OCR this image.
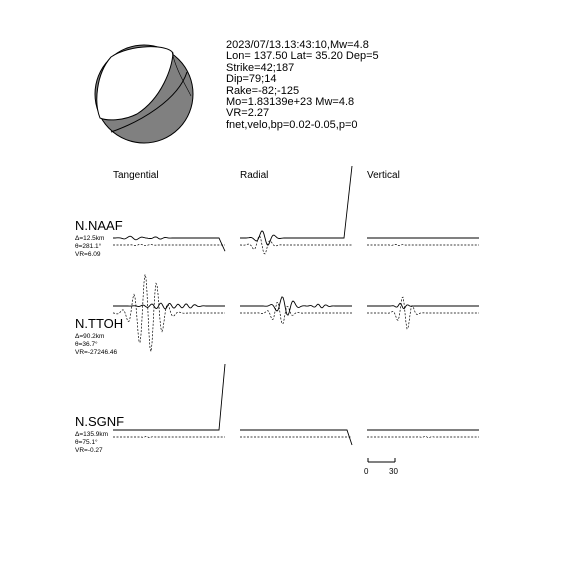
2023/07/13.13:43:10,Mw=4.8
Lon= 137.50 Lat= 35.20 Dep=5
Strike=42;187
Dip=79;14
Rake=-82;-125
Mo=1.83139e+23 Mw=4.8
VR=2.27
fnet,velo,bp=0.02-0.05,p=0
Tangential	Radial	Vertical
N.NAAF
Δ=12.5km
θ=281.1°
VR=6.09
N.TTOH
Δ=90.2km
θ=36.7°
VR=-27246.46
N.SGNF
Δ=135.9km
θ=75.1°
VR=-0.27
0	30
